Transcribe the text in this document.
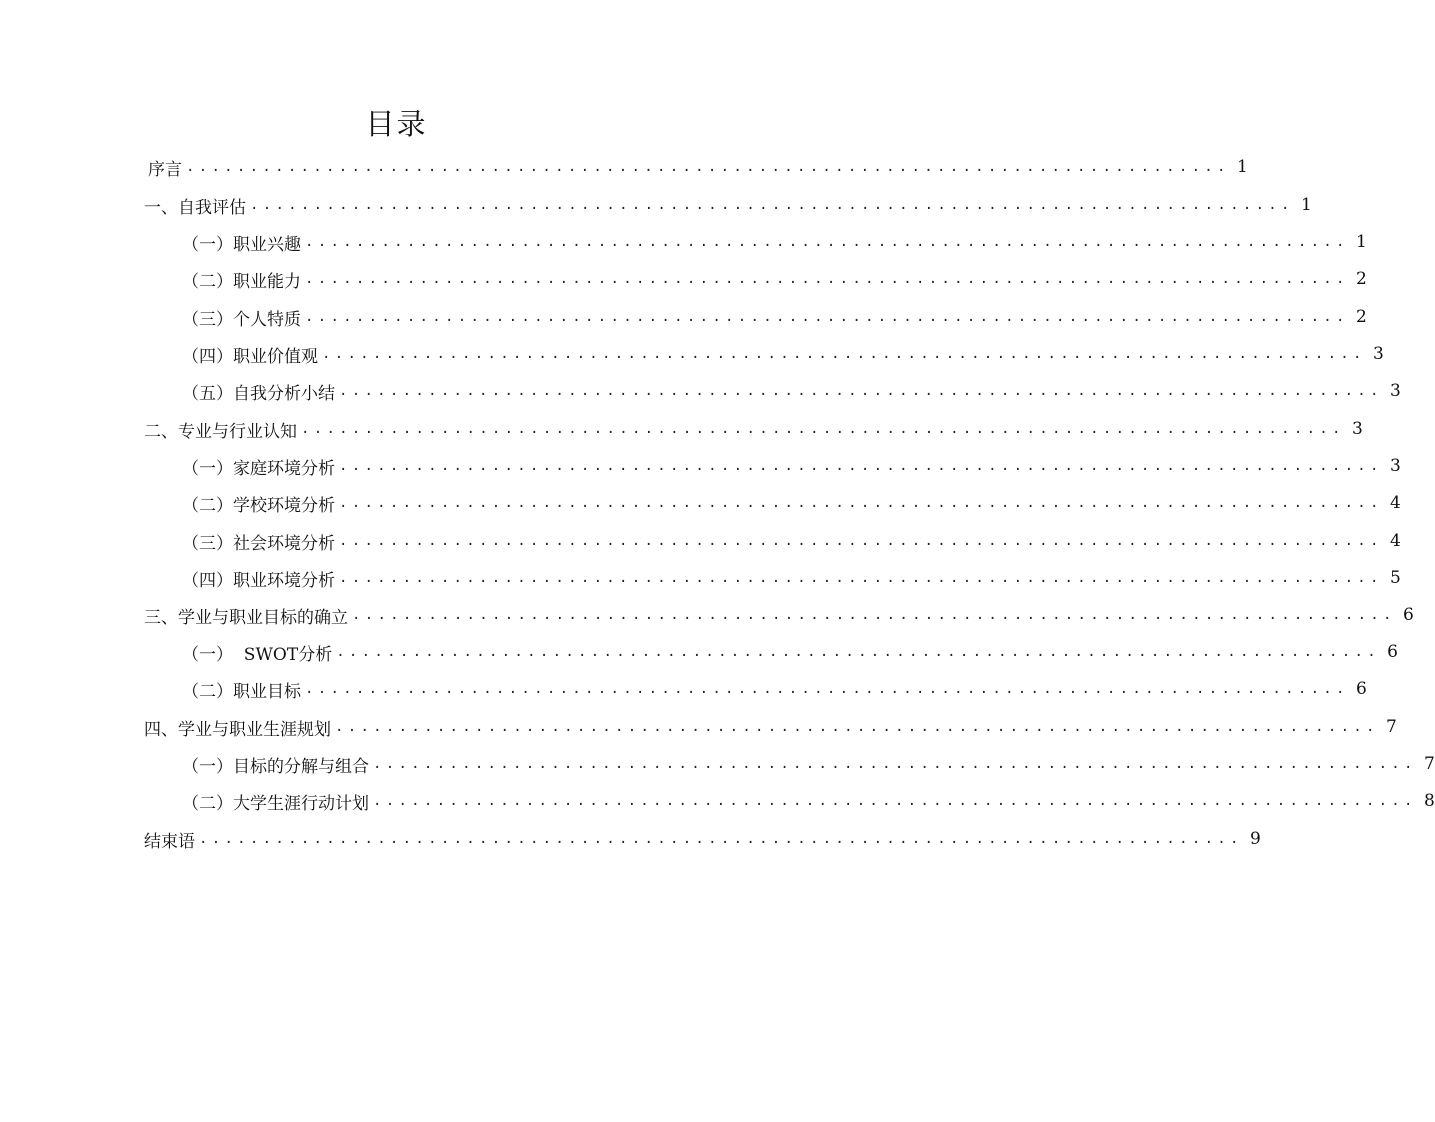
目录
序言 .................................................................................. 1
一、自我评估 .................................................................................. 1
（一）职业兴趣 .................................................................................. 1
（二）职业能力 .................................................................................. 2
（三）个人特质 .................................................................................. 2
（四）职业价值观 .................................................................................. 3
（五）自我分析小结 .................................................................................. 3
二、专业与行业认知 .................................................................................. 3
（一）家庭环境分析 .................................................................................. 3
（二）学校环境分析 .................................................................................. 4
（三）社会环境分析 .................................................................................. 4
（四）职业环境分析 .................................................................................. 5
三、学业与职业目标的确立 .................................................................................. 6
（一）  SWOT分析 .................................................................................. 6
（二）职业目标 .................................................................................. 6
四、学业与职业生涯规划 .................................................................................. 7
（一）目标的分解与组合 .................................................................................. 7
（二）大学生涯行动计划 .................................................................................. 8
结束语 .................................................................................. 9
